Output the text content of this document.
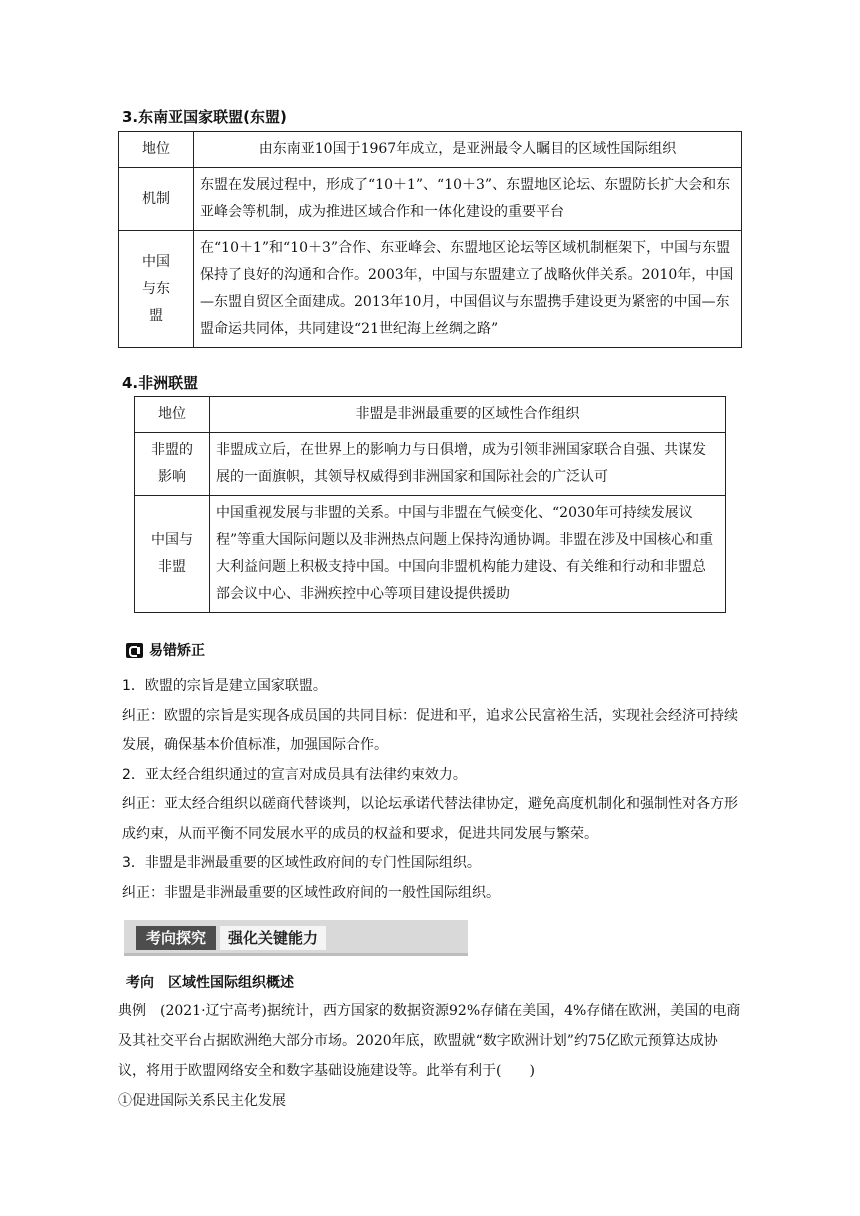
3.东南亚国家联盟(东盟)
地位	由东南亚10国于1967年成立，是亚洲最令人瞩目的区域性国际组织
机制	东盟在发展过程中，形成了“10＋1”、“10＋3”、东盟地区论坛、东盟防长扩大会和东亚峰会等机制，成为推进区域合作和一体化建设的重要平台
中国与东盟	在“10＋1”和“10＋3”合作、东亚峰会、东盟地区论坛等区域机制框架下，中国与东盟保持了良好的沟通和合作。2003年，中国与东盟建立了战略伙伴关系。2010年，中国—东盟自贸区全面建成。2013年10月，中国倡议与东盟携手建设更为紧密的中国—东盟命运共同体，共同建设“21世纪海上丝绸之路”
4.非洲联盟
地位	非盟是非洲最重要的区域性合作组织
非盟的影响	非盟成立后，在世界上的影响力与日俱增，成为引领非洲国家联合自强、共谋发展的一面旗帜，其领导权威得到非洲国家和国际社会的广泛认可
中国与非盟	中国重视发展与非盟的关系。中国与非盟在气候变化、“2030年可持续发展议程”等重大国际问题以及非洲热点问题上保持沟通协调。非盟在涉及中国核心和重大利益问题上积极支持中国。中国向非盟机构能力建设、有关维和行动和非盟总部会议中心、非洲疾控中心等项目建设提供援助
易错矫正
1．欧盟的宗旨是建立国家联盟。
纠正：欧盟的宗旨是实现各成员国的共同目标：促进和平，追求公民富裕生活，实现社会经济可持续发展，确保基本价值标准，加强国际合作。
2．亚太经合组织通过的宣言对成员具有法律约束效力。
纠正：亚太经合组织以磋商代替谈判，以论坛承诺代替法律协定，避免高度机制化和强制性对各方形成约束，从而平衡不同发展水平的成员的权益和要求，促进共同发展与繁荣。
3．非盟是非洲最重要的区域性政府间的专门性国际组织。
纠正：非盟是非洲最重要的区域性政府间的一般性国际组织。
考向探究	强化关键能力
考向　区域性国际组织概述
典例　(2021·辽宁高考)据统计，西方国家的数据资源92%存储在美国，4%存储在欧洲，美国的电商及其社交平台占据欧洲绝大部分市场。2020年底，欧盟就“数字欧洲计划”约75亿欧元预算达成协议，将用于欧盟网络安全和数字基础设施建设等。此举有利于(　　)
①促进国际关系民主化发展
